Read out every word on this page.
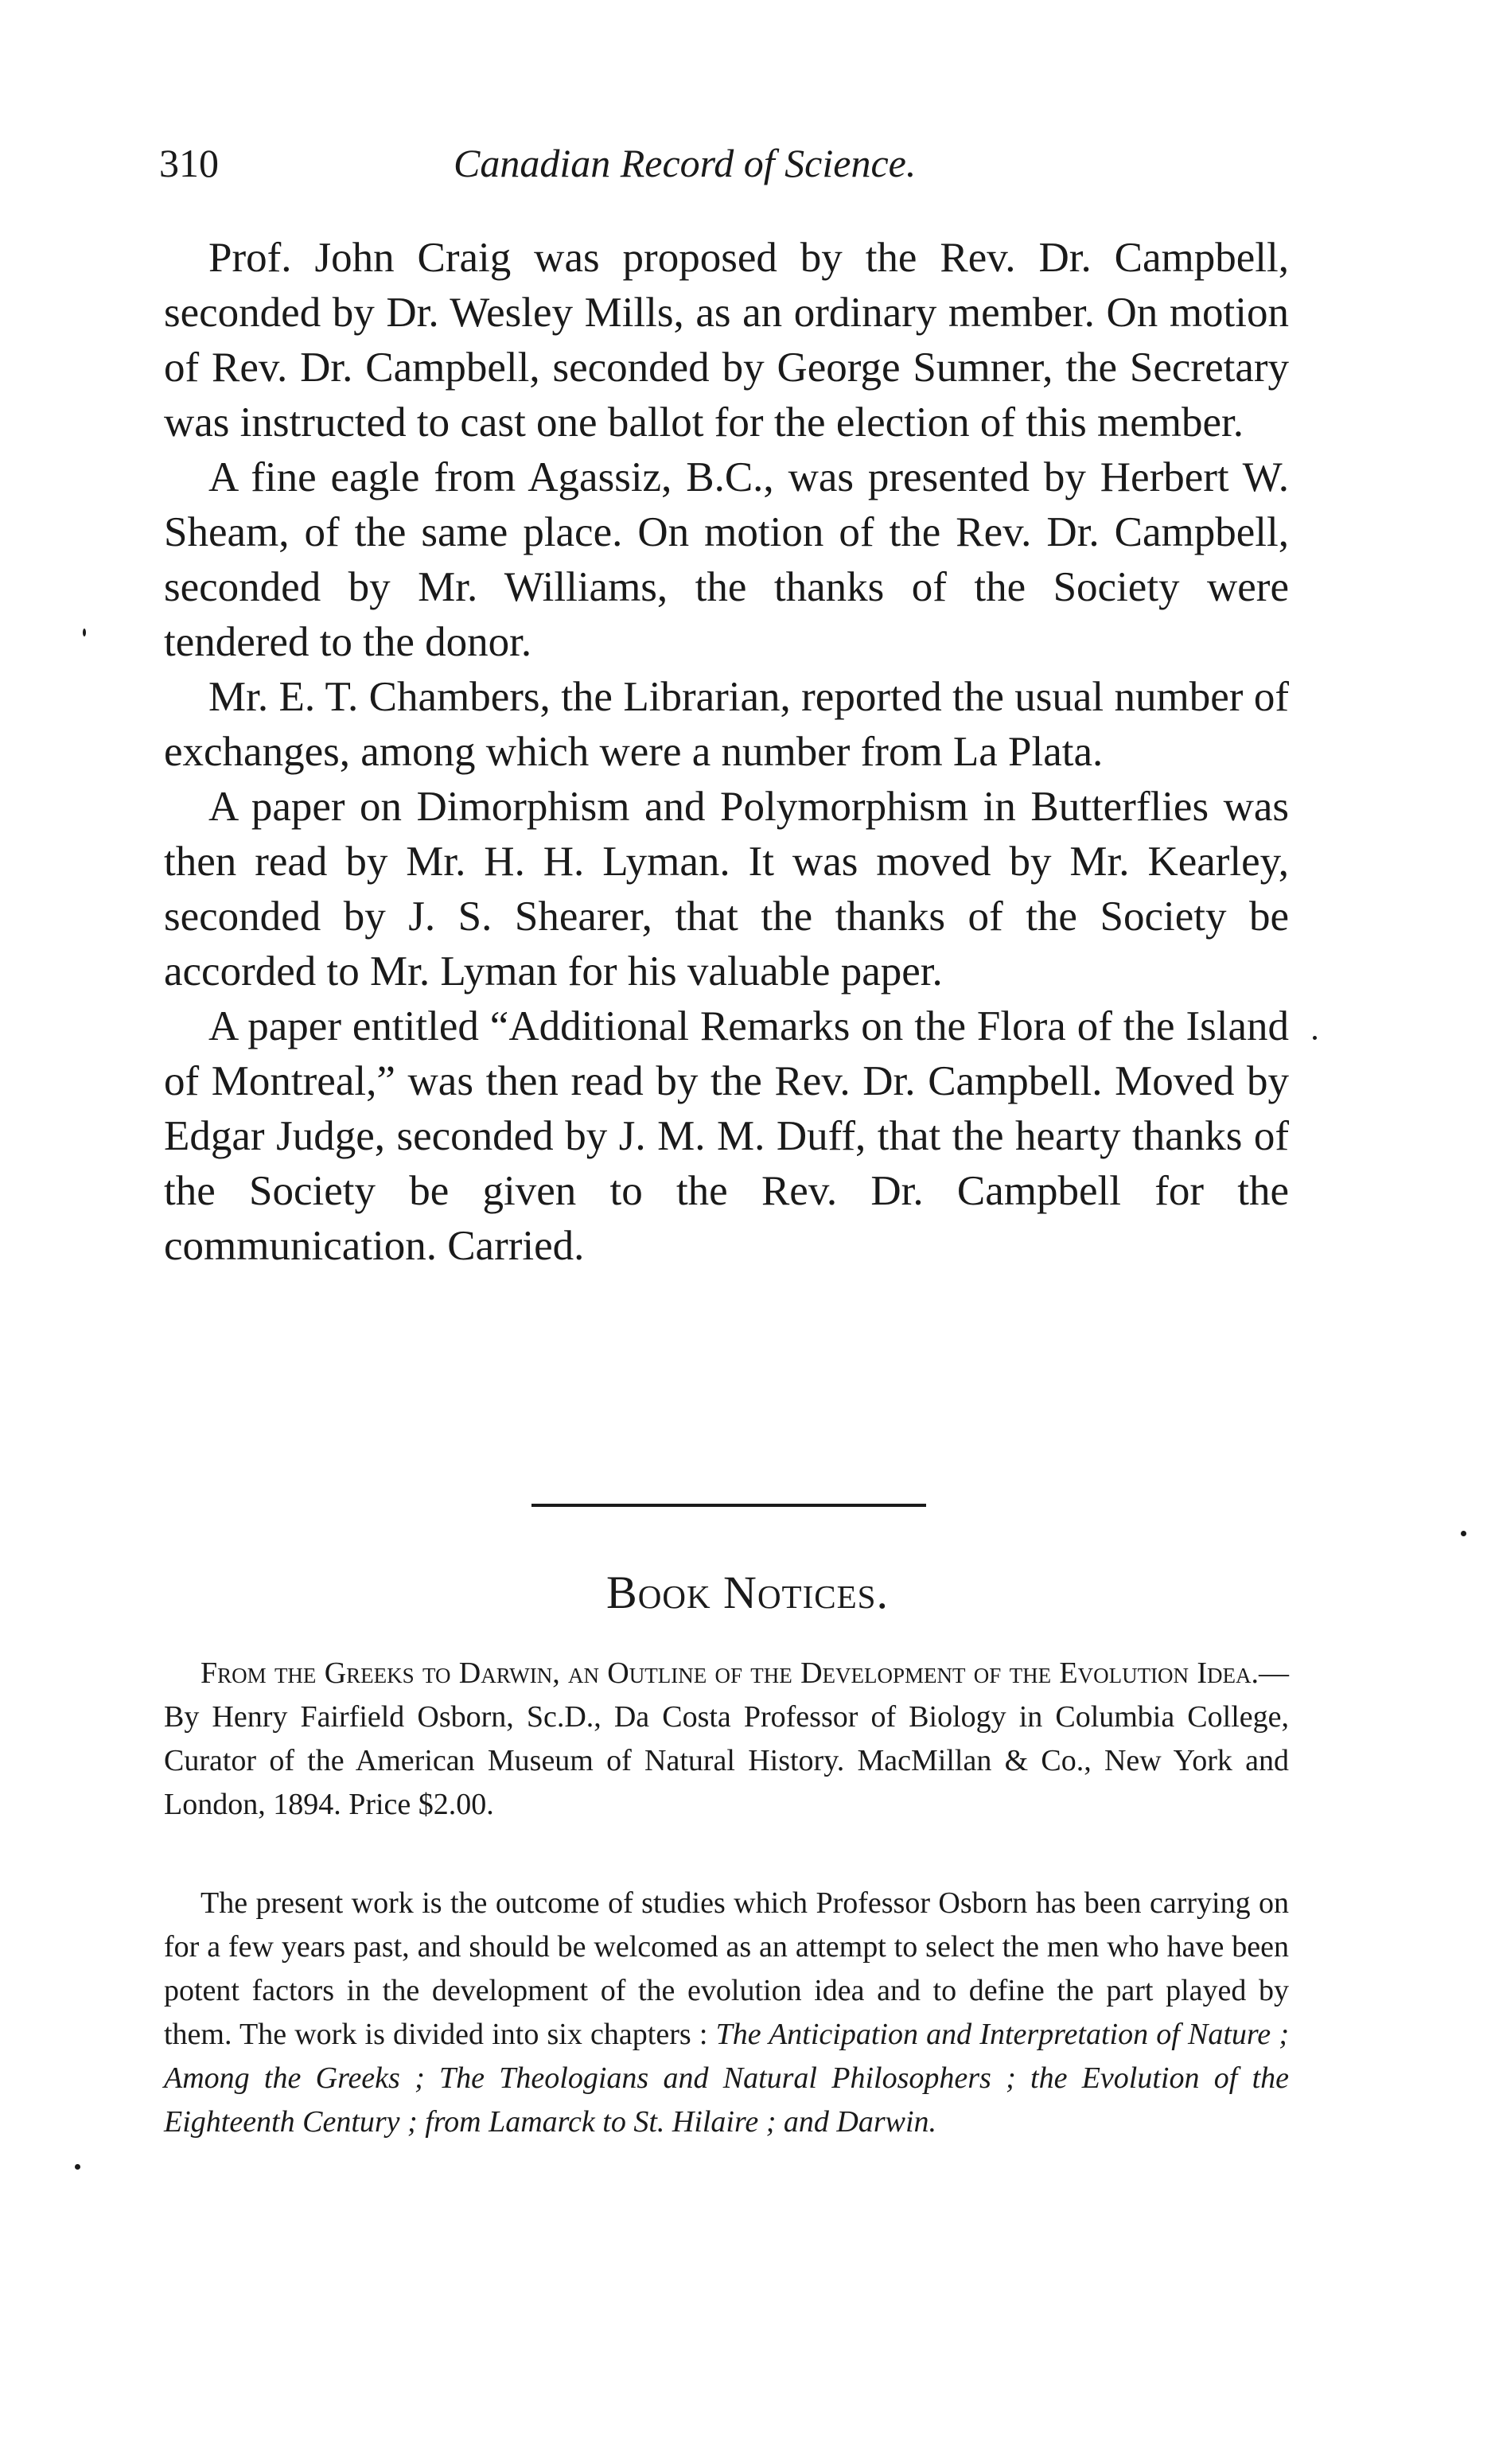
310	Canadian Record of Science.

Prof. John Craig was proposed by the Rev. Dr. Campbell, seconded by Dr. Wesley Mills, as an ordinary member. On motion of Rev. Dr. Campbell, seconded by George Sumner, the Secretary was instructed to cast one ballot for the election of this member.

A fine eagle from Agassiz, B.C., was presented by Herbert W. Sheam, of the same place. On motion of the Rev. Dr. Campbell, seconded by Mr. Williams, the thanks of the Society were tendered to the donor.

Mr. E. T. Chambers, the Librarian, reported the usual number of exchanges, among which were a number from La Plata.

A paper on Dimorphism and Polymorphism in Butterflies was then read by Mr. H. H. Lyman. It was moved by Mr. Kearley, seconded by J. S. Shearer, that the thanks of the Society be accorded to Mr. Lyman for his valuable paper.

A paper entitled “Additional Remarks on the Flora of the Island of Montreal,” was then read by the Rev. Dr. Campbell. Moved by Edgar Judge, seconded by J. M. M. Duff, that the hearty thanks of the Society be given to the Rev. Dr. Campbell for the communication. Carried.

Book Notices.
From the Greeks to Darwin, an Outline of the Development of the Evolution Idea.—By Henry Fairfield Osborn, Sc.D., Da Costa Professor of Biology in Columbia College, Curator of the American Museum of Natural History. MacMillan & Co., New York and London, 1894. Price $2.00.
The present work is the outcome of studies which Professor Osborn has been carrying on for a few years past, and should be welcomed as an attempt to select the men who have been potent factors in the development of the evolution idea and to define the part played by them. The work is divided into six chapters : The Anticipation and Interpretation of Nature ; Among the Greeks ; The Theologians and Natural Philosophers ; the Evolution of the Eighteenth Century ; from Lamarck to St. Hilaire ; and Darwin.
